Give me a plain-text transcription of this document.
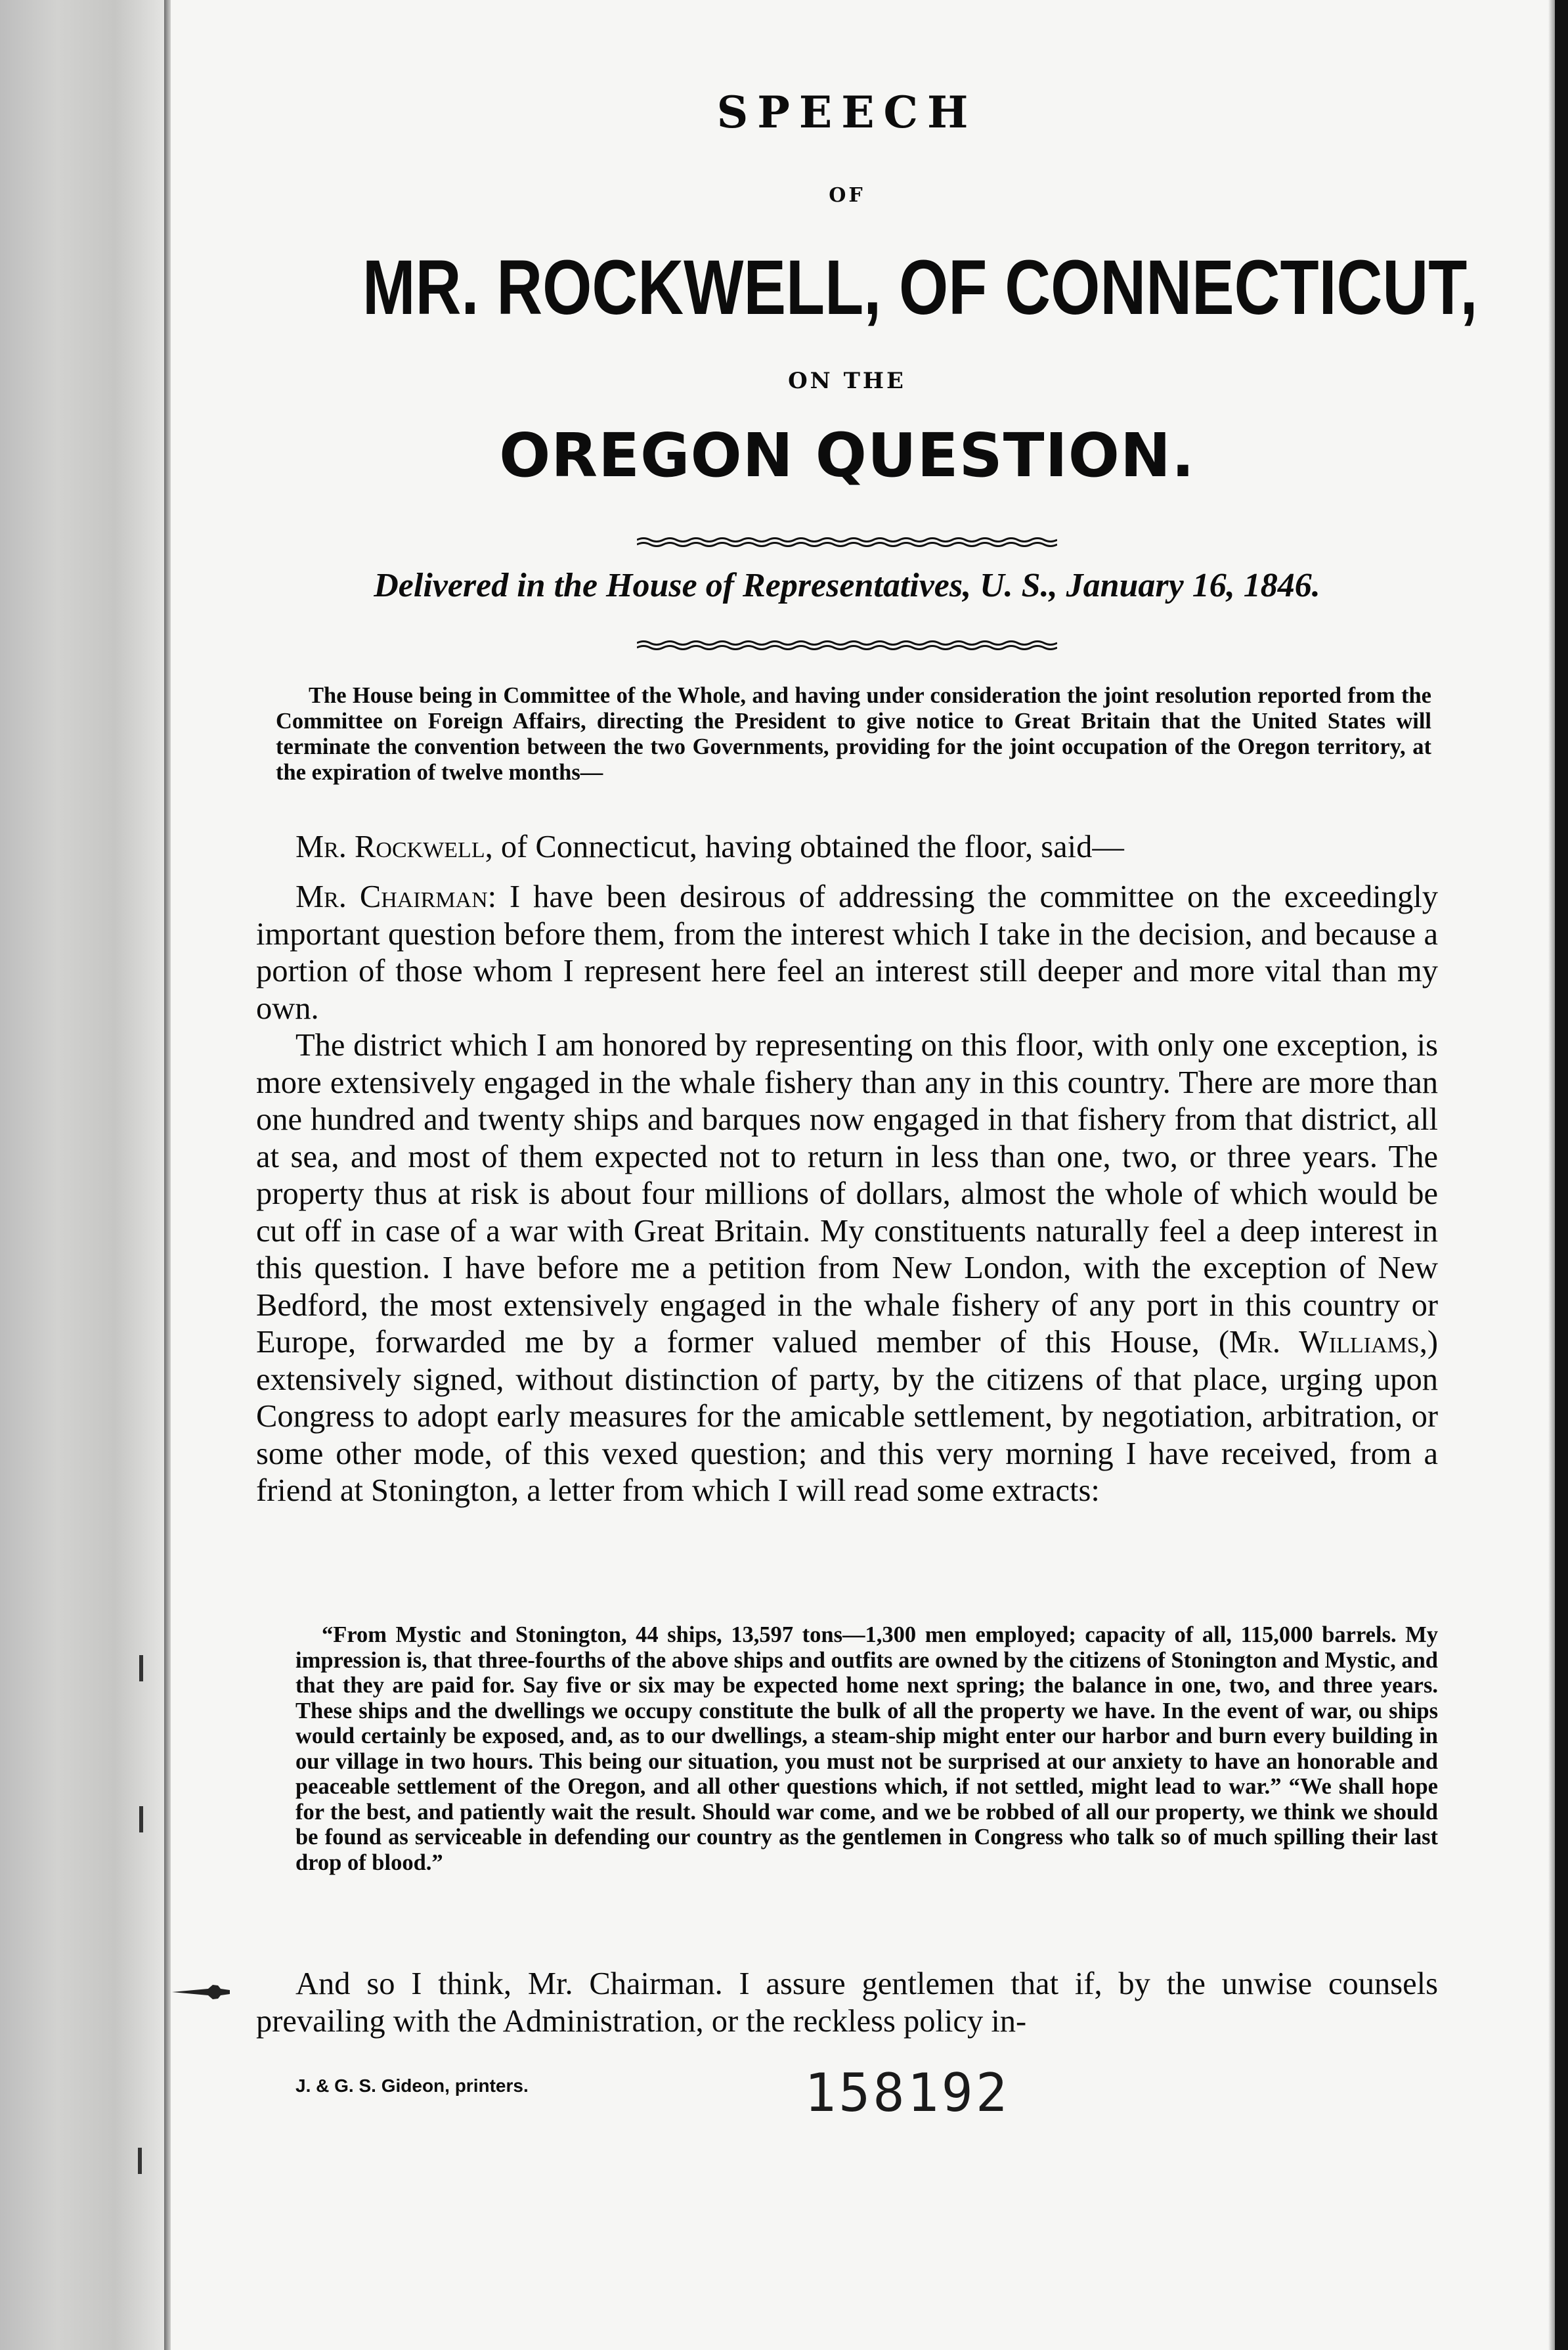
SPEECH
OF
MR. ROCKWELL, OF CONNECTICUT,
ON THE
OREGON QUESTION.
Delivered in the House of Representatives, U. S., January 16, 1846.
The House being in Committee of the Whole, and having under consideration the joint resolution reported from the Committee on Foreign Affairs, directing the President to give notice to Great Britain that the United States will terminate the convention between the two Governments, providing for the joint occupation of the Oregon territory, at the expiration of twelve months—
Mr. Rockwell, of Connecticut, having obtained the floor, said—
Mr. Chairman: I have been desirous of addressing the committee on the exceedingly important question before them, from the interest which I take in the decision, and because a portion of those whom I represent here feel an interest still deeper and more vital than my own.
The district which I am honored by representing on this floor, with only one exception, is more extensively engaged in the whale fishery than any in this country. There are more than one hundred and twenty ships and barques now engaged in that fishery from that district, all at sea, and most of them expected not to return in less than one, two, or three years. The property thus at risk is about four millions of dollars, almost the whole of which would be cut off in case of a war with Great Britain. My constituents naturally feel a deep interest in this question. I have before me a petition from New London, with the exception of New Bedford, the most extensively engaged in the whale fishery of any port in this country or Europe, forwarded me by a former valued member of this House, (Mr. Williams,) extensively signed, without distinction of party, by the citizens of that place, urging upon Congress to adopt early measures for the amicable settlement, by negotiation, arbitration, or some other mode, of this vexed question; and this very morning I have received, from a friend at Stonington, a letter from which I will read some extracts:
“From Mystic and Stonington, 44 ships, 13,597 tons—1,300 men employed; capacity of all, 115,000 barrels. My impression is, that three-fourths of the above ships and outfits are owned by the citizens of Stonington and Mystic, and that they are paid for. Say five or six may be expected home next spring; the balance in one, two, and three years. These ships and the dwellings we occupy constitute the bulk of all the property we have. In the event of war, ou ships would certainly be exposed, and, as to our dwellings, a steam-ship might enter our harbor and burn every building in our village in two hours. This being our situation, you must not be surprised at our anxiety to have an honorable and peaceable settlement of the Oregon, and all other questions which, if not settled, might lead to war.” “We shall hope for the best, and patiently wait the result. Should war come, and we be robbed of all our property, we think we should be found as serviceable in defending our country as the gentlemen in Congress who talk so of much spilling their last drop of blood.”
And so I think, Mr. Chairman. I assure gentlemen that if, by the unwise counsels prevailing with the Administration, or the reckless policy in-
J. & G. S. Gideon, printers.	158192
